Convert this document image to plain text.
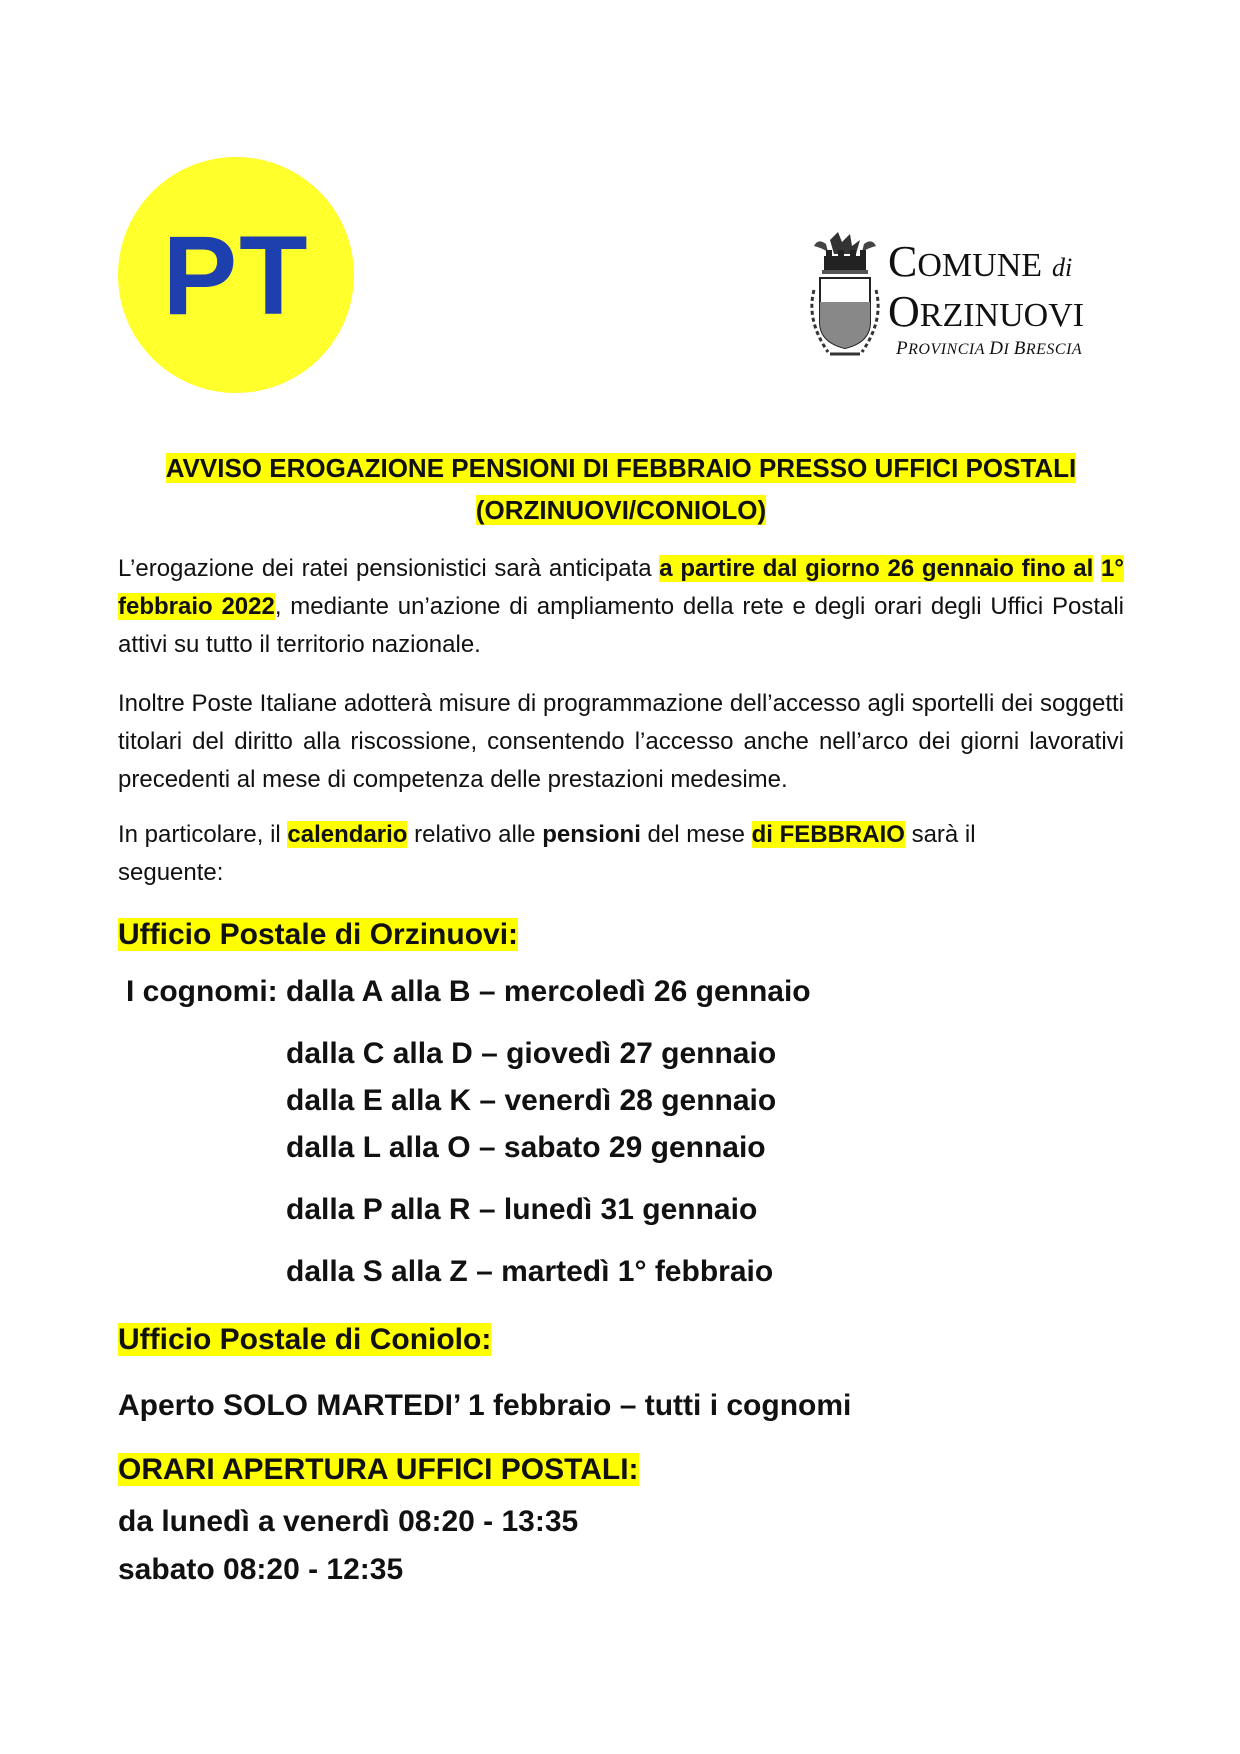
PT	COMUNE di
ORZINUOVI
PROVINCIA DI BRESCIA
AVVISO EROGAZIONE PENSIONI DI FEBBRAIO PRESSO UFFICI POSTALI
(ORZINUOVI/CONIOLO)
L’erogazione dei ratei pensionistici sarà anticipata a partire dal giorno 26 gennaio fino al 1° febbraio 2022, mediante un’azione di ampliamento della rete e degli orari degli Uffici Postali attivi su tutto il territorio nazionale.
Inoltre Poste Italiane adotterà misure di programmazione dell’accesso agli sportelli dei soggetti titolari del diritto alla riscossione, consentendo l’accesso anche nell’arco dei giorni lavorativi precedenti al mese di competenza delle prestazioni medesime.
In particolare, il calendario relativo alle pensioni del mese di FEBBRAIO sarà il seguente:
Ufficio Postale di Orzinuovi:
I cognomi: dalla A alla B – mercoledì 26 gennaio
dalla C alla D – giovedì 27 gennaio
dalla E alla K – venerdì 28 gennaio
dalla L alla O – sabato 29 gennaio
dalla P alla R – lunedì 31 gennaio
dalla S alla Z – martedì 1° febbraio
Ufficio Postale di Coniolo:
Aperto SOLO MARTEDI’ 1 febbraio – tutti i cognomi
ORARI APERTURA UFFICI POSTALI:
da lunedì a venerdì 08:20 - 13:35
sabato 08:20 - 12:35
